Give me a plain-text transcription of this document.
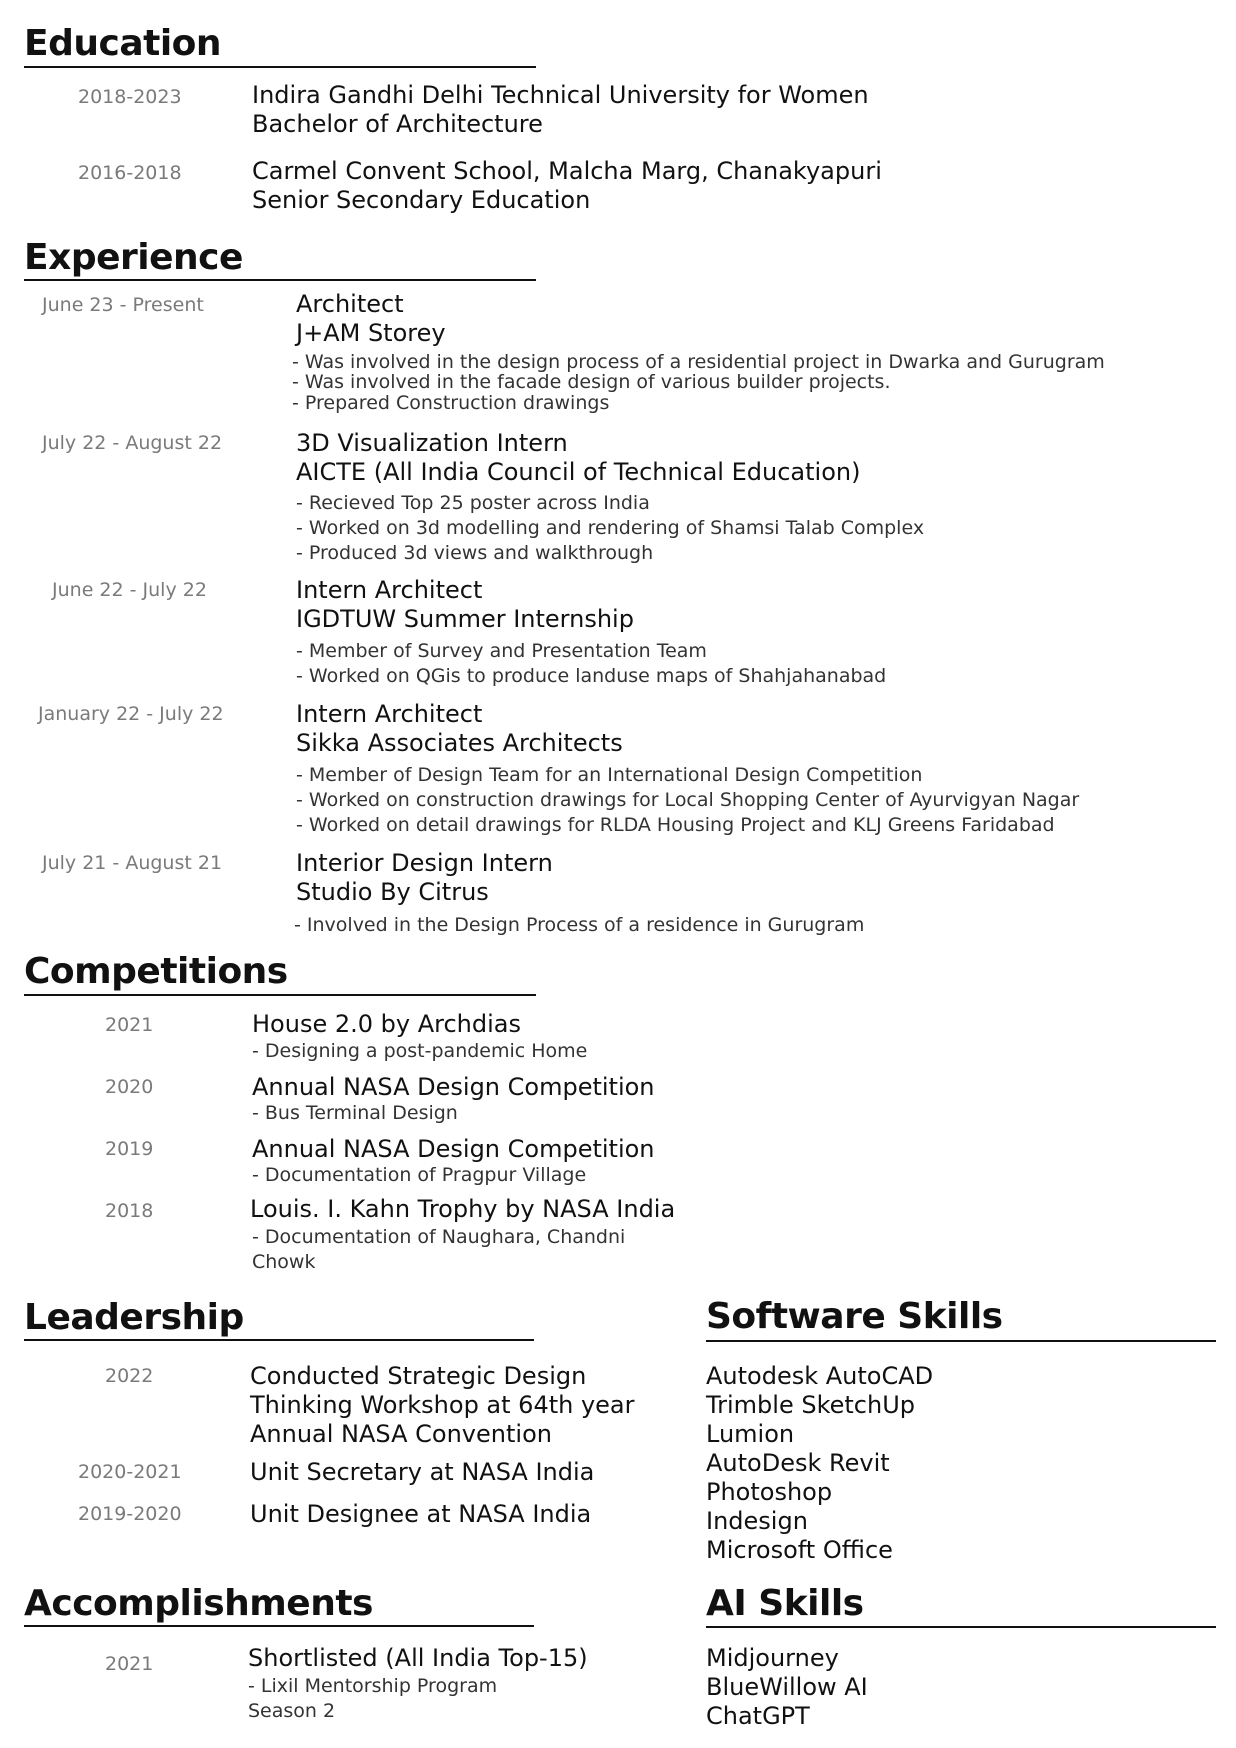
Education
2018-2023	Indira Gandhi Delhi Technical University for Women
Bachelor of Architecture
2016-2018	Carmel Convent School, Malcha Marg, Chanakyapuri
Senior Secondary Education
Experience
June 23 - Present	Architect
J+AM Storey
- Was involved in the design process of a residential project in Dwarka and Gurugram
- Was involved in the facade design of various builder projects.
- Prepared Construction drawings
July 22 - August 22	3D Visualization Intern
AICTE (All India Council of Technical Education)
- Recieved Top 25 poster across India
- Worked on 3d modelling and rendering of Shamsi Talab Complex
- Produced 3d views and walkthrough
June 22 - July 22	Intern Architect
IGDTUW Summer Internship
- Member of Survey and Presentation Team
- Worked on QGis to produce landuse maps of Shahjahanabad
January 22 - July 22	Intern Architect
Sikka Associates Architects
- Member of Design Team for an International Design Competition
- Worked on construction drawings for Local Shopping Center of Ayurvigyan Nagar
- Worked on detail drawings for RLDA Housing Project and KLJ Greens Faridabad
July 21 - August 21	Interior Design Intern
Studio By Citrus
- Involved in the Design Process of a residence in Gurugram
Competitions
2021	House 2.0 by Archdias
- Designing a post-pandemic Home
2020	Annual NASA Design Competition
- Bus Terminal Design
2019	Annual NASA Design Competition
- Documentation of Pragpur Village
2018	Louis. I. Kahn Trophy by NASA India
- Documentation of Naughara, Chandni
Chowk
Leadership
2022	Conducted Strategic Design
Thinking Workshop at 64th year
Annual NASA Convention
2020-2021	Unit Secretary at NASA India
2019-2020	Unit Designee at NASA India
Software Skills
Autodesk AutoCAD
Trimble SketchUp
Lumion
AutoDesk Revit
Photoshop
Indesign
Microsoft Office
Accomplishments
2021	Shortlisted (All India Top-15)
- Lixil Mentorship Program
Season 2
AI Skills
Midjourney
BlueWillow AI
ChatGPT
